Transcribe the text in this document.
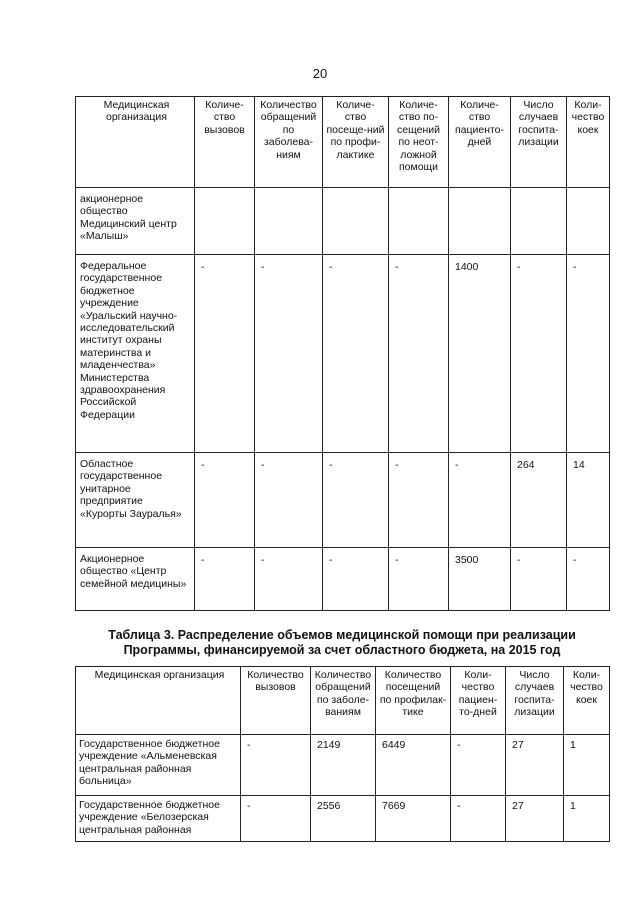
20
Медицинская организация	Количе-ство вызовов	Количество обращений по заболева-ниям	Количе-ство посеще-ний по профи-лактике	Количе-ство по-сещений по неот-ложной помощи	Количе-ство пациенто-дней	Число случаев госпита-лизации	Коли-чество коек
акционерное общество Медицинский центр «Малыш»							
Федеральное государственное бюджетное учреждение «Уральский научно-исследовательский институт охраны материнства и младенчества» Министерства здравоохранения Российской Федерации	-	-	-	-	1400	-	-
Областное государственное унитарное предприятие «Курорты Зауралья»	-	-	-	-	-	264	14
Акционерное общество «Центр семейной медицины»	-	-	-	-	3500	-	-
Таблица 3. Распределение объемов медицинской помощи при реализации Программы, финансируемой за счет областного бюджета, на 2015 год
Медицинская организация	Количество вызовов	Количество обращений по заболе-ваниям	Количество посещений по профилак-тике	Коли-чество пациен-то-дней	Число случаев госпита-лизации	Коли-чество коек
Государственное бюджетное учреждение «Альменевская центральная районная больница»	-	2149	6449	-	27	1
Государственное бюджетное учреждение «Белозерская центральная районная	-	2556	7669	-	27	1
